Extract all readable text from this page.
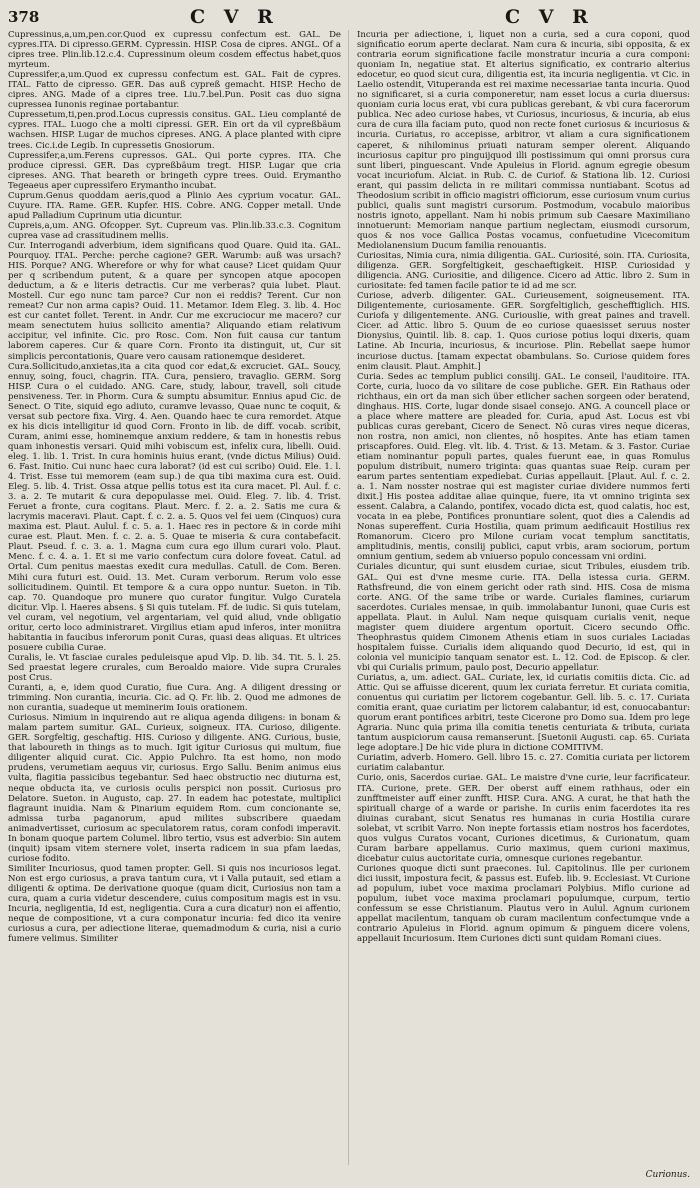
378	C V R	C V R

Cupressinus,a,um,pen.cor.Quod ex cupressu confectum est. GAL. De cypres.ITA. Di cipresso.GERM. Cypressin. HISP. Cosa de cipres. ANGL. Of a cipres tree. Plin.lib.12.c.4. Cupressinum oleum cosdem effectus habet,quos myrteum.

Cupressifer,a,um.Quod ex cupressu confectum est. GAL. Fait de cypres. ITAL. Fatto de cipresso. GER. Das auß cypreß gemacht. HISP. Hecho de cipres. ANG. Made of a cipres tree. Liu.7.bel.Pun. Posit cas duo signa cupressea Iunonis reginae portabantur.

Cupressetum,ti,pen.prod.Locus cupressis consitus. GAL. Lieu complanté de cypres. ITAL. Luogo che a molti cipressi. GER. Ein ort da vil cypreßbäum wachsen. HISP. Lugar de muchos cipreses. ANG. A place planted with cipre trees. Cic.i.de Legib. In cupressetis Gnosiorum.

Cupressifer,a,um.Ferens cupressos. GAL. Qui porte cypres. ITA. Che produce cipressi. GER. Das cypreßbäum tregt. HISP. Lugar que cria cipreses. ANG. That beareth or bringeth cypre trees. Ouid. Erymantho Tegeaeus aper cupressifero Erymantho incubat.

Cuprum.Genus quoddam aeris,quod a Plinio Aes cyprium vocatur. GAL. Cuyure. ITA. Rame. GER. Kupfer. HIS. Cobre. ANG. Copper metall. Unde apud Palladium Cuprinum utia dicuntur.

Cupreis,a,um. ANG. Ofcopper. Syt. Cupreum vas. Plin.lib.33.c.3. Cognitum cuprea vase ad crassitudinem mellis.

Cur. Interrogandi adverbium, idem significans quod Quare. Quid ita. GAL. Pourquoy. ITAL. Perche: perche cagione? GER. Warumb: auß was ursach? HIS. Porque? ANG. Wherefore or why for what cause? Licet quidam Quur per q scribendum putent, & a quare per syncopen atque apocopen deductum, a & e literis detractis. Cur me verberas? quia lubet. Plaut. Mostell. Cur ego nunc tam parce? Cur non ei reddis? Terent. Cur non remeat? Cur non arma capis? Ouid. 11. Metamor. Idem Eleg. 3. lib. 4. Hoc est cur cantet follet. Terent. in Andr. Cur me excruciocur me macero? cur meam senectutem huius sollicito amentia? Aliquando etiam relativum accipitur, vel infinite. Cic. pro Rosc. Com. Non fuit causa cur tantum laborem caperes. Cur & quare Corn. Fronto ita distinguit, ut, Cur sit simplicis percontationis, Quare vero causam rationemque desideret.

Cura.Sollicitudo,anxietas,ita a cita quod cor edat,& excruciet. GAL. Soucy, ennuy, soing, fouci, chagrin. ITA. Cura, pensiero, travaglio. GERM. Sorg HISP. Cura o el cuidado. ANG. Care, study, labour, travell, soli citude pensiveness. Ter. in Phorm. Cura & sumptu absumitur. Ennius apud Cic. de Senect. O Tite, siquid ego adiuto, curamve levasso, Quae nunc te coquit, & versat sub pectore fixa. Virg. 4. Aen. Quando haec te cura remordet. Atque ex his dicis intelligitur id quod Corn. Fronto in lib. de diff. vocab. scribit, Curam, animi esse, hominemque anxium reddere, & tam in honestis rebus quam inhonestis versari. Quid mihi vobiscum est, infelix cura, libelli. Ouid. eleg. 1. lib. 1. Trist. In cura hominis huius erant, (vnde dictus Milius) Ouid. 6. Fast. Initio. Cui nunc haec cura laborat? (id est cui scribo) Ouid. Ele. 1. l. 4. Trist. Esse tui memorem (eam sup.) de qua tibi maxima cura est. Ouid. Eleg. 5. lib. 4. Trist. Ossa atque pellis totus est ita cura macet. Pl. Aul. f. c. 3. a. 2. Te mutarit & cura depopulasse mei. Ouid. Eleg. 7. lib. 4. Trist. Feruet a fronte, cura cogitans. Plaut. Merc. f. 2. a. 2. Satis me cura & lacrymis maceravi. Plaut. Capt. f. c. 2. a. 5. Quos vel fei uem (Cinquos) cura maxima est. Plaut. Aulul. f. c. 5. a. 1. Haec res in pectore & in corde mihi curae est. Plaut. Men. f. c. 2. a. 5. Quae te miseria & cura contabefacit. Plaut. Pseud. f. c. 3. a. 1. Magna cum cura ego illum curari volo. Plaut. Menc. f. c. 4. a. 1. Et si me vario confectum cura dolore foveat. Catul. ad Ortal. Cum penitus maestas exedit cura medullas. Catull. de Com. Beren. Mihi cura futuri est. Ouid. 13. Met. Curam verborum. Rerum volo esse sollicitudinem. Quintil. Et tempore & a cura oppo nuntur. Sueton. in Tib. cap. 70. Quandoque pro munere quo curator fungitur. Vulgo Curatela dicitur. Vlp. l. Haeres absens. § Si quis tutelam. Ff. de iudic. Si quis tutelam, vel curam, vel negotium, vel argentariam, vel quid aliud, vnde obligatio oritur, certo loco administraret. Virgilius etiam apud inferos, inter moniitra habitantia in faucibus inferorum ponit Curas, quasi deas aliquas. Et ultrices posuere cubilia Curae.

Curalis, le. Vt fasciae curales peduleisque apud Vlp. D. lib. 34. Tit. 5. l. 25. Sed praestat legere crurales, cum Beroaldo maiore. Vide supra Crurales post Crus.

Curanti, a, e, idem quod Curatio, fiue Cura. Ang. A diligent dressing or trimming. Non curantia, incuria. Cic. ad Q. Fr. lib. 2. Quod me admones de non curantia, suadeque ut meminerim Iouis orationem.

Curiosus. Nimium in inquirendo aut re aliqua agenda diligens: in bonam & malam partem sumitur. GAL. Curieux, soigneux. ITA. Curioso, diligente. GER. Sorgfeltig, geschaftig. HIS. Curioso y diligente. ANG. Curious, busie, that laboureth in things as to much. Igit igitur Curiosus qui multum, fiue diligenter aliquid curat. Cic. Appio Pulchro. Ita est homo, non modo prudens, verumetiam aequus vir, curiosus. Ergo Sallu. Benim animus eius vulta, flagitia passicibus tegebantur. Sed haec obstructio nec diuturna est, neque obducta ita, ve curiosis oculis perspici non possit. Curiosus pro Delatore. Sueton. in Augusto, cap. 27. In eadem hac potestate, multiplici flagraunt inuidia. Nam & Pinarium equidem Rom. cum concionante se, admissa turba paganorum, apud milites subscribere quaedam animadvertisset, curiosum ac speculatorem ratus, coram confodi imperavit. In bonam quoque partem Columel. libro tertio, vsus est adverbio: Sin autem (inquit) ipsam vitem sternere volet, inserta radicem in sua pfam laedas, curiose fodito.

Similiter Incuriosus, quod tamen propter. Gell. Si quis nos incuriosos legat. Non est ergo curiosus, a prava tantum cura, vt i Valla putauit, sed etiam a diligenti & optima. De derivatione quoque (quam dicit, Curiosius non tam a cura, quam a curia videtur descendere, cuius compositum magis est in vsu. Incuria, negligentia, Id est, negligentia. Cura a cura dicatur) non ei affentio, neque de compositione, vt a cura componatur incuria: fed dico ita venire curiosus a cura, per adiectione literae, quemadmodum & curia, nisi a curio fumere velimus. Similiter

Incuria per adiectione, i, liquet non a curia, sed a cura coponi, quod significatio eorum aperte declarat. Nam cura & incuria, sibi opposita, & ex contraria eorum significatione facile monstratur incuria a cura componi: quoniam In, negatiue stat. Et alterius significatio, ex contrario alterius edocetur, eo quod sicut cura, diligentia est, ita incuria negligentia. vt Cic. in Laelio ostendit, Vituperanda est rei maxime necessariae tanta incuria. Quod no significaret, si a curia componeretur, nam esset locus a curia diuersus: quoniam curia locus erat, vbi cura publicas gerebant, & vbi cura facerorum publica. Nec adeo curiose habes, vt Curiosus, incuriosus, & incuria, ab eius cura de cura illa faciam puto, quod non recte fonet curiosus & incuriosus & incuria. Curiatus, ro accepisse, arbitror, vt aliam a cura significationem caperet, & nihilominus priuati naturam semper olerent. Aliquando incuriosus capitur pro pinguijquod illi postissimum qui omni prorsus cura sunt liberi, pinguescant. Vnde Apuleius in Florid. agnum egregie obesum vocat incuriofum. Alciat. in Rub. C. de Curiof. & Stationa lib. 12. Curiosi erant, qui passim delicta in re militari commissa nuntiabant. Scotus ad Theodosium scribit in officio magistri officiorum, esse curiosum vnum curius publici, qualis sunt magistri cursorum. Postmodum, vocabulo maioribus nostris ignoto, appellant. Nam hi nobis primum sub Caesare Maximiliano innotuerunt: Memoriam nanque partium neglectam, eiusmodi cursorum, quos & nos voce Gallica Postas vocamus, confuetudine Vicecomitum Mediolanensium Ducum familia renouantis.

Curiositas, Nimia cura, nimia diligentia. GAL. Curiosité, soin. ITA. Curiosita, diligenza. GER. Sorgfeltigkeit, geschaeftigkeit. HISP. Curiosidad y diligencia. ANG. Curiositie, and diligence. Cicero ad Attic. libro 2. Sum in curiositate: fed tamen facile patior te id ad me scr.

Curiose, adverb. diligenter. GAL. Curieusement, soigneusement. ITA. Diligentemente, curiosamente. GER. Sorgfeltiglich, geschefftiglich. HIS. Curiofa y diligentemente. ANG. Curiouslie, with great paines and travell. Cicer. ad Attic. libro 5. Quum de eo curiose quaesisset seruus noster Dionysius, Quintil. lib. 8. cap. 1. Quos curiose potius loqui dixeris, quam Latine. Ab Incuria, incuriosus, & incuriose. Plin. Rebellat saepe humor incuriose ductus. [tamam expectat obambulans. So. Curiose quidem fores enim clausit. Plaut. Amphit.]

Curia. Sedes ac templum publici consilij. GAL. Le conseil, l'auditoire. ITA. Corte, curia, luoco da vo silitare de cose publiche. GER. Ein Rathaus oder richthaus, ein ort da man sich über etlicher sachen sorgeen oder beratend, dinghaus. HIS. Corte, lugar donde sisael consejo. ANG. A councell place or a place where mattere are pleaded for. Curia, apud Ast. Locus est vbi publicas curas gerebant, Cicero de Senect. Nō curas vires neque diceras, non rostra, non amici, non clientes, nō hospites. Ante has etiam tamen priscapfores. Ouid. Eleg. vlt. lib. 4. Trist. & 13. Metam. & 3. Fastor. Curiae etiam nominantur populi partes, quales fuerunt eae, in quas Romulus populum distribuit, numero triginta: quas quantas suae Reip. curam per earum partes sententiam expediebat. Curias appellauit. [Plaut. Aul. f. c. 2. a. 1. Nam nosster nostrae qui est magister curiae dividere nummos ferti dixit.] His postea additae aliae quinque, fuere, ita vt omnino triginta sex essent. Calabra, a Calando, pontifex, vocado dicta est, quod calatis, hoc est, vocata in ea plebe, Pontifices pronuntiare solent, quot dies a Calendis ad Nonas supereffent. Curia Hostilia, quam primum aedificauit Hostilius rex Romanorum. Cicero pro Milone curiam vocat templum sanctitatis, amplitudinis, mentis, consilij publici, caput vrbis, aram sociorum, portum omnium gentium, sedem ab vniuerso populo concessam vni ordini.

Curiales dicuntur, qui sunt eiusdem curiae, sicut Tribules, eiusdem trib. GAL. Qui est d'vne mesme curie. ITA. Della istessa curia. GERM. Rathsfreund, die von einem gericht oder rath sind. HIS. Cosa de misma corte. ANG. Of the same tribe or warde. Curiales flamines, curiarum sacerdotes. Curiales mensae, in quib. immolabantur Iunoni, quae Curis est appellata. Plaut. in Aulul. Nam neque quisquam curialis venit, neque magister quem diuidere argentum oportuit. Cicero secundo Offic. Theophrastus quidem Cimonem Athenis etiam in suos curiales Laciadas hospitalem fuisse. Curialis idem aliquando quod Decurio, id est, qui in colonia vel municipio tanquam senator est. L. 12. Cod. de Episcop. & cler. vbi qui Curialis primum, paulo post, Decurio appellatur.

Curiatus, a, um. adiect. GAL. Curiate, lex, id curiatis comitiis dicta. Cic. ad Attic. Qui se affuisse dicerent, quum lex curiata ferretur. Et curiata comitia, conuentus qui curiatim per lictorem cogebantur. Gell. lib. 5. c. 17. Curiata comitia erant, quae curiatim per lictorem calabantur, id est, conuocabantur: quorum erant pontifices arbitri, teste Cicerone pro Domo sua. Idem pro lege Agraria. Nunc quia prima illa comitia tenetis centuriata & tributa, curiata tantum auspiciorum causa remanserunt. [Suetonii Augusti. cap. 65. Curiata lege adoptare.] De hic vide plura in dictione COMITIVM.

Curiatim, adverb. Homero. Gell. libro 15. c. 27. Comitia curiata per lictorem curiatim calabantur.

Curio, onis, Sacerdos curiae. GAL. Le maistre d'vne curie, leur facrificateur. ITA. Curione, prete. GER. Der oberst auff einem rathhaus, oder ein zunfftmeister auff einer zunfft. HISP. Cura. ANG. A curat, he that hath the spirituall charge of a warde or parishe. In curiis enim facerdotes ita res diuinas curabant, sicut Senatus res humanas in curia Hostilia curare solebat, vt scribit Varro. Non inepte fortassis etiam nostros hos facerdotes, quos vulgus Curatos vocant, Curiones dicetimus, & Curionatum, quam Curam barbare appellamus. Curio maximus, quem curioni maximus, dicebatur cuius auctoritate curia, omnesque curiones regebantur.

Curiones quoque dicti sunt praecones. Iul. Capitolinus. Ille per curionem dici iussit, impostura fecit, & passus est. Eufeb. lib. 9. Ecclesiast. Vt Curione ad populum, iubet voce maxima proclamari Polybius. Miflo curione ad populum, iubet voce maxima proclamari populumque, curpum, tertio confessum se esse Christianum. Plautus vero in Aulul. Agnum curionem appellat macilentum, tanquam ob curam macilentum confectumque vnde a contrario Apuleius in Florid. agnum opimum & pinguem dicere volens, appellauit Incuriosum. Item Curiones dicti sunt quidam Romani ciues.

Curionus.
